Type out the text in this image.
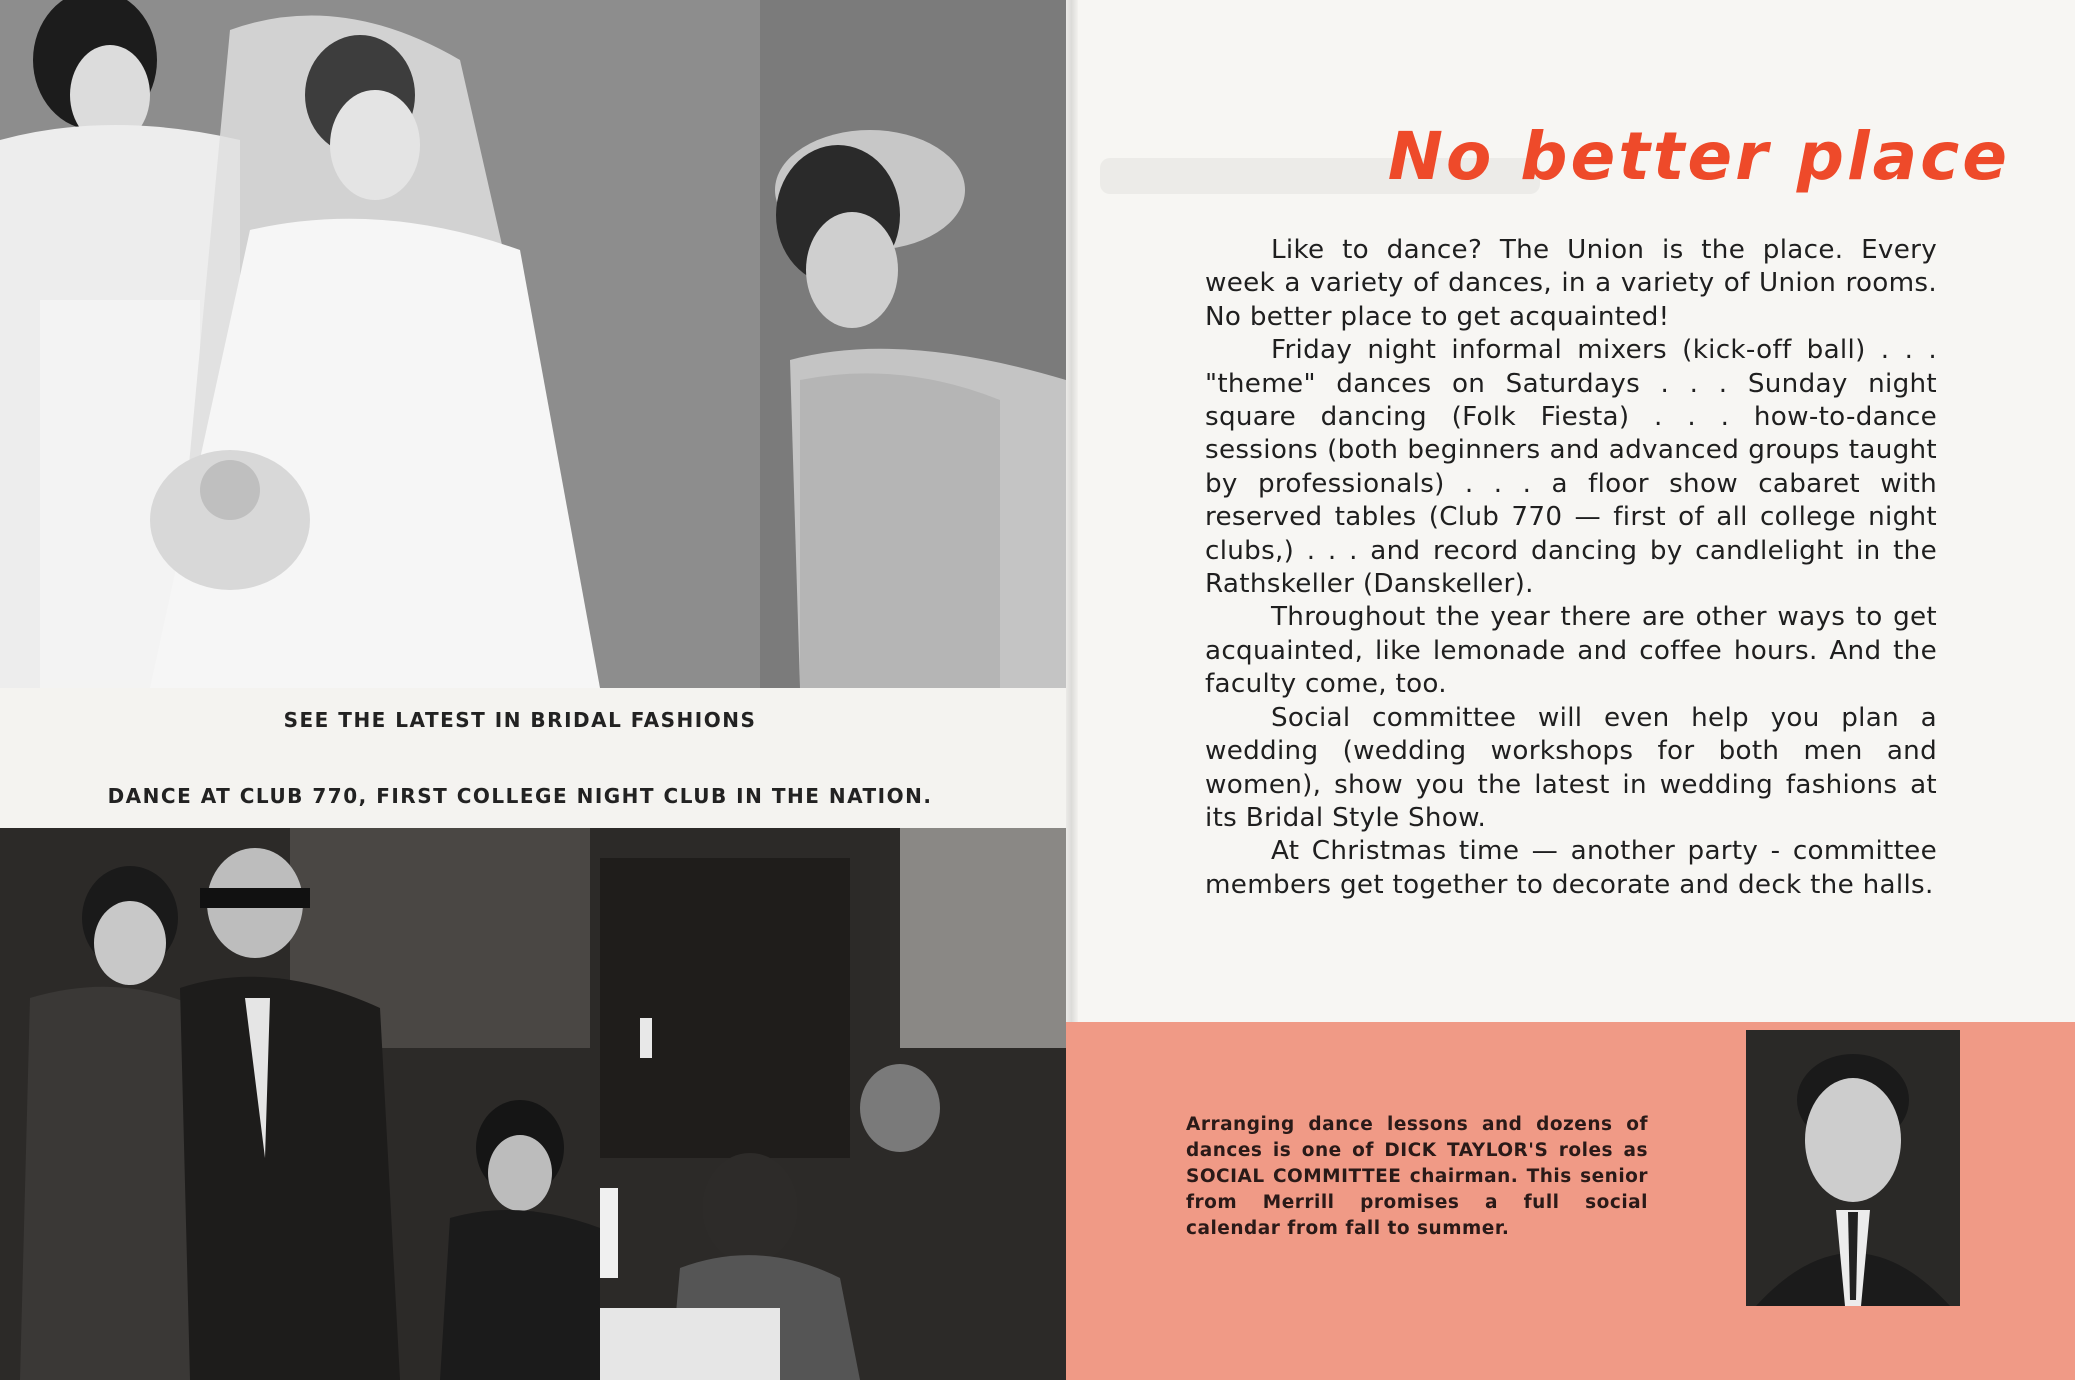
SEE THE LATEST IN BRIDAL FASHIONS
DANCE AT CLUB 770, FIRST COLLEGE NIGHT CLUB IN THE NATION.
No better place

Like to dance? The Union is the place. Every week a variety of dances, in a variety of Union rooms. No better place to get acquainted!

Friday night informal mixers (kick-off ball) . . . "theme" dances on Saturdays . . . Sunday night square dancing (Folk Fiesta) . . . how-to-dance sessions (both beginners and advanced groups taught by professionals) . . . a floor show cabaret with reserved tables (Club 770 — first of all college night clubs,) . . . and record dancing by candlelight in the Rathskeller (Danskeller).

Throughout the year there are other ways to get acquainted, like lemonade and coffee hours. And the faculty come, too.

Social committee will even help you plan a wedding (wedding workshops for both men and women), show you the latest in wedding fashions at its Bridal Style Show.

At Christmas time — another party - committee members get together to decorate and deck the halls.

Arranging dance lessons and dozens of dances is one of DICK TAYLOR'S roles as SOCIAL COMMITTEE chairman. This senior from Merrill promises a full social calendar from fall to summer.
